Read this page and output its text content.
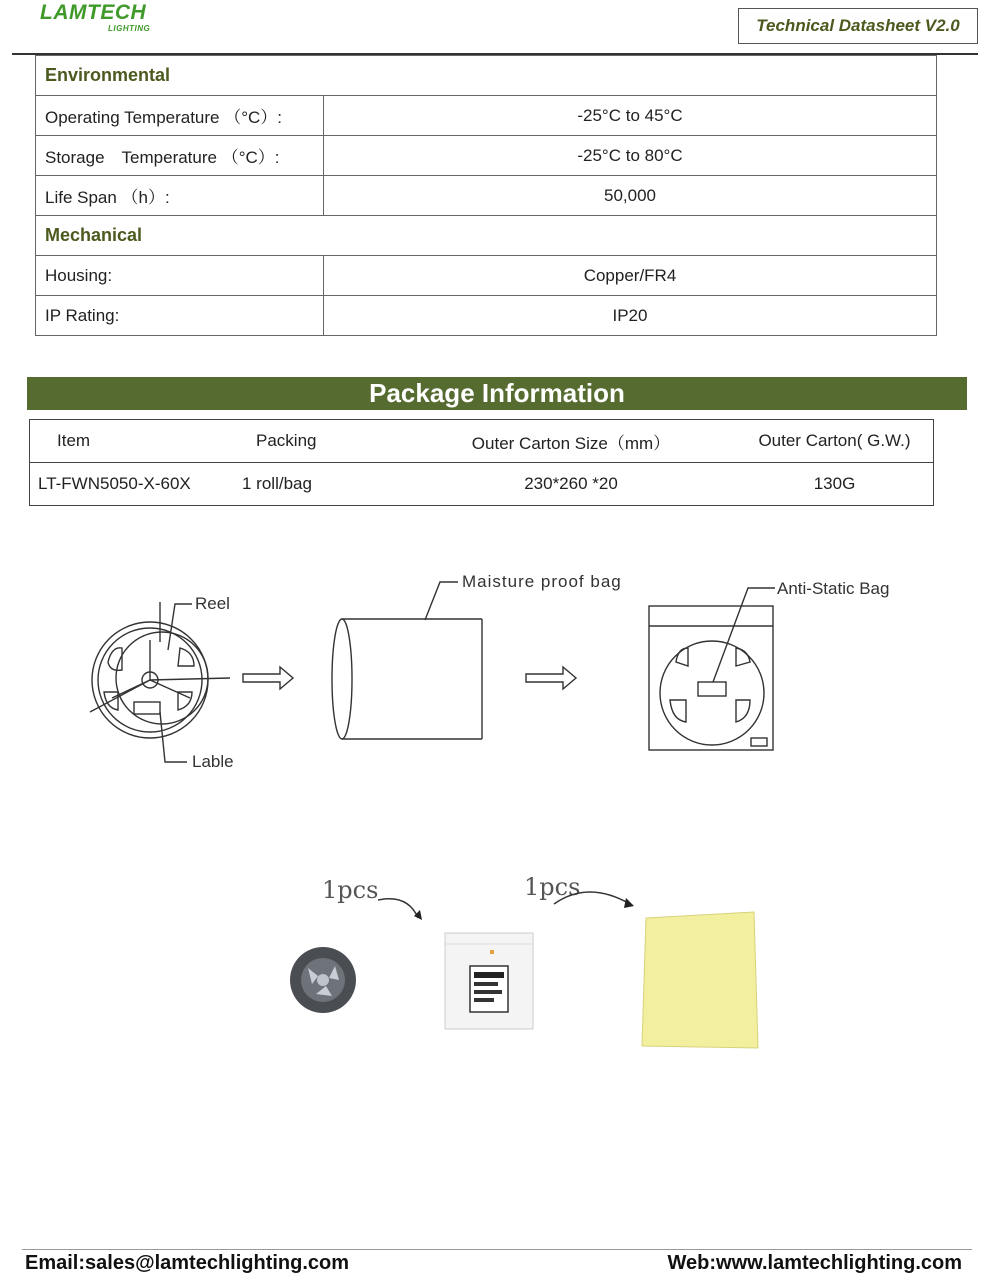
LAMTECH
LIGHTING	Technical Datasheet V2.0
Environmental	
Operating Temperature （°C）:	-25°C to 45°C
Storage　Temperature （°C）:	-25°C to 80°C
Life Span （h）:	50,000
Mechanical	
Housing:	Copper/FR4
IP Rating:	IP20
Package Information
Item	Packing	Outer Carton Size（mm）	Outer Carton( G.W.)
LT-FWN5050-X-60X	1 roll/bag	230*260 *20	130G
Reel
Lable
Maisture proof bag	Anti-Static Bag
1pcs	1pcs
Email:sales@lamtechlighting.com	Web:www.lamtechlighting.com
